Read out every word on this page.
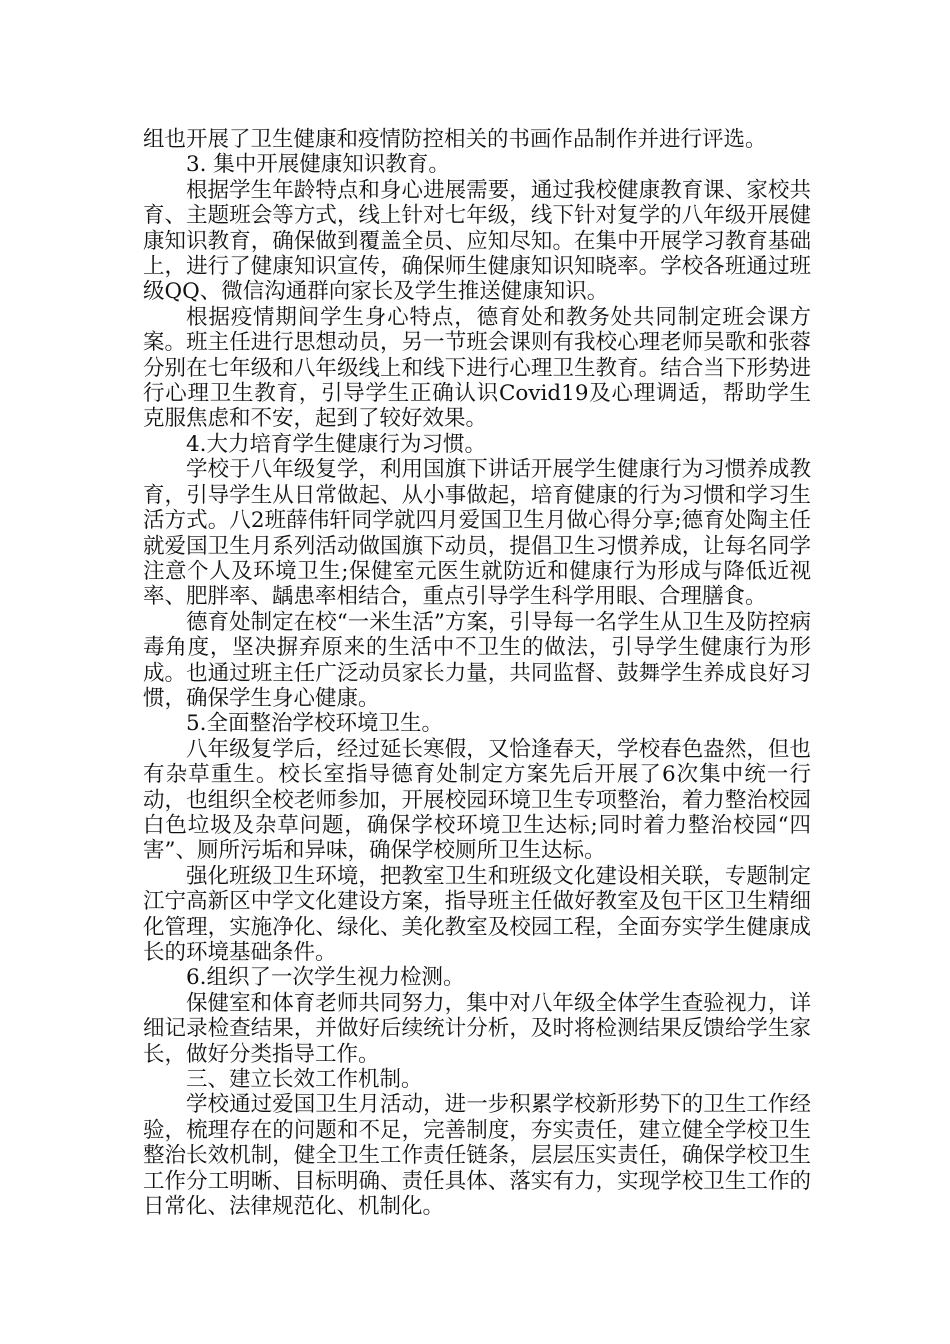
组也开展了卫生健康和疫情防控相关的书画作品制作并进行评选。

3. 集中开展健康知识教育。

根据学生年龄特点和身心进展需要，通过我校健康教育课、家校共育、主题班会等方式，线上针对七年级，线下针对复学的八年级开展健康知识教育，确保做到覆盖全员、应知尽知。在集中开展学习教育基础上，进行了健康知识宣传，确保师生健康知识知晓率。学校各班通过班级QQ、微信沟通群向家长及学生推送健康知识。

根据疫情期间学生身心特点，德育处和教务处共同制定班会课方案。班主任进行思想动员，另一节班会课则有我校心理老师吴歌和张蓉分别在七年级和八年级线上和线下进行心理卫生教育。结合当下形势进行心理卫生教育，引导学生正确认识Covid19及心理调适，帮助学生克服焦虑和不安，起到了较好效果。

4.大力培育学生健康行为习惯。

学校于八年级复学，利用国旗下讲话开展学生健康行为习惯养成教育，引导学生从日常做起、从小事做起，培育健康的行为习惯和学习生活方式。八2班薛伟轩同学就四月爱国卫生月做心得分享;德育处陶主任就爱国卫生月系列活动做国旗下动员，提倡卫生习惯养成，让每名同学注意个人及环境卫生;保健室元医生就防近和健康行为形成与降低近视率、肥胖率、龋患率相结合，重点引导学生科学用眼、合理膳食。

德育处制定在校“一米生活”方案，引导每一名学生从卫生及防控病毒角度，坚决摒弃原来的生活中不卫生的做法，引导学生健康行为形成。也通过班主任广泛动员家长力量，共同监督、鼓舞学生养成良好习惯，确保学生身心健康。

5.全面整治学校环境卫生。

八年级复学后，经过延长寒假，又恰逢春天，学校春色盎然，但也有杂草重生。校长室指导德育处制定方案先后开展了6次集中统一行动，也组织全校老师参加，开展校园环境卫生专项整治，着力整治校园白色垃圾及杂草问题，确保学校环境卫生达标;同时着力整治校园“四害”、厕所污垢和异味，确保学校厕所卫生达标。

强化班级卫生环境，把教室卫生和班级文化建设相关联，专题制定江宁高新区中学文化建设方案，指导班主任做好教室及包干区卫生精细化管理，实施净化、绿化、美化教室及校园工程，全面夯实学生健康成长的环境基础条件。

6.组织了一次学生视力检测。

保健室和体育老师共同努力，集中对八年级全体学生查验视力，详细记录检查结果，并做好后续统计分析，及时将检测结果反馈给学生家长，做好分类指导工作。

三、建立长效工作机制。

学校通过爱国卫生月活动，进一步积累学校新形势下的卫生工作经验，梳理存在的问题和不足，完善制度，夯实责任，建立健全学校卫生整治长效机制，健全卫生工作责任链条，层层压实责任，确保学校卫生工作分工明晰、目标明确、责任具体、落实有力，实现学校卫生工作的日常化、法律规范化、机制化。
